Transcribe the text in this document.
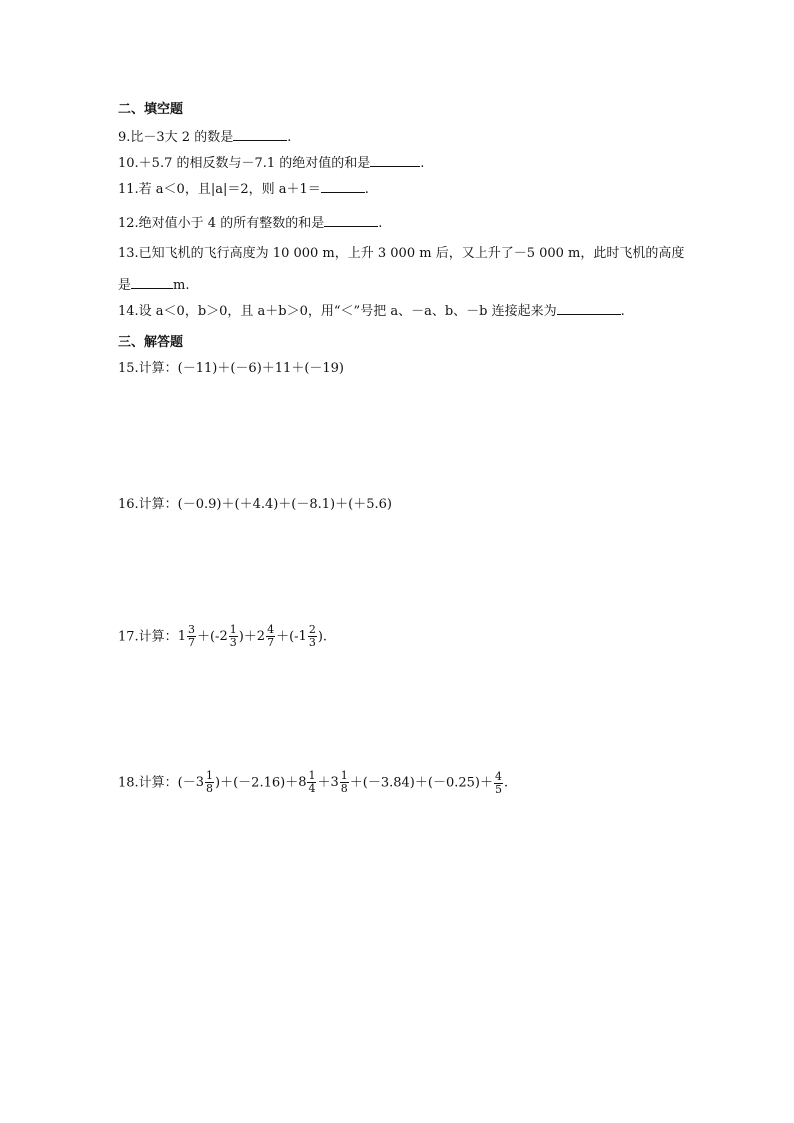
二、填空题
9.比－3大 2 的数是	.
10.＋5.7 的相反数与－7.1 的绝对值的和是	.
11.若 a＜0，且|a|＝2，则 a＋1＝	.
12.绝对值小于 4 的所有整数的和是	.
13.已知飞机的飞行高度为 10 000 m，上升 3 000 m 后，又上升了－5 000 m，此时飞机的高度
是	m.
14.设 a＜0，b＞0，且 a＋b＞0，用“＜”号把 a、－a、b、－b 连接起来为	.
三、解答题
15.计算：(－11)＋(－6)＋11＋(－19)
16.计算：(－0.9)＋(＋4.4)＋(－8.1)＋(＋5.6)
17.计算：$1 \frac{3}{7} +(-2 \frac{1}{3} )+2 \frac{4}{7} +(-1 \frac{2}{3}$ ).
18.计算：$(-3 \frac{1}{8} )+(-2.16)+8 \frac{1}{4} +3 \frac{1}{8} +(-3.84)+(-0.25)+ \frac{4}{5}$ .
